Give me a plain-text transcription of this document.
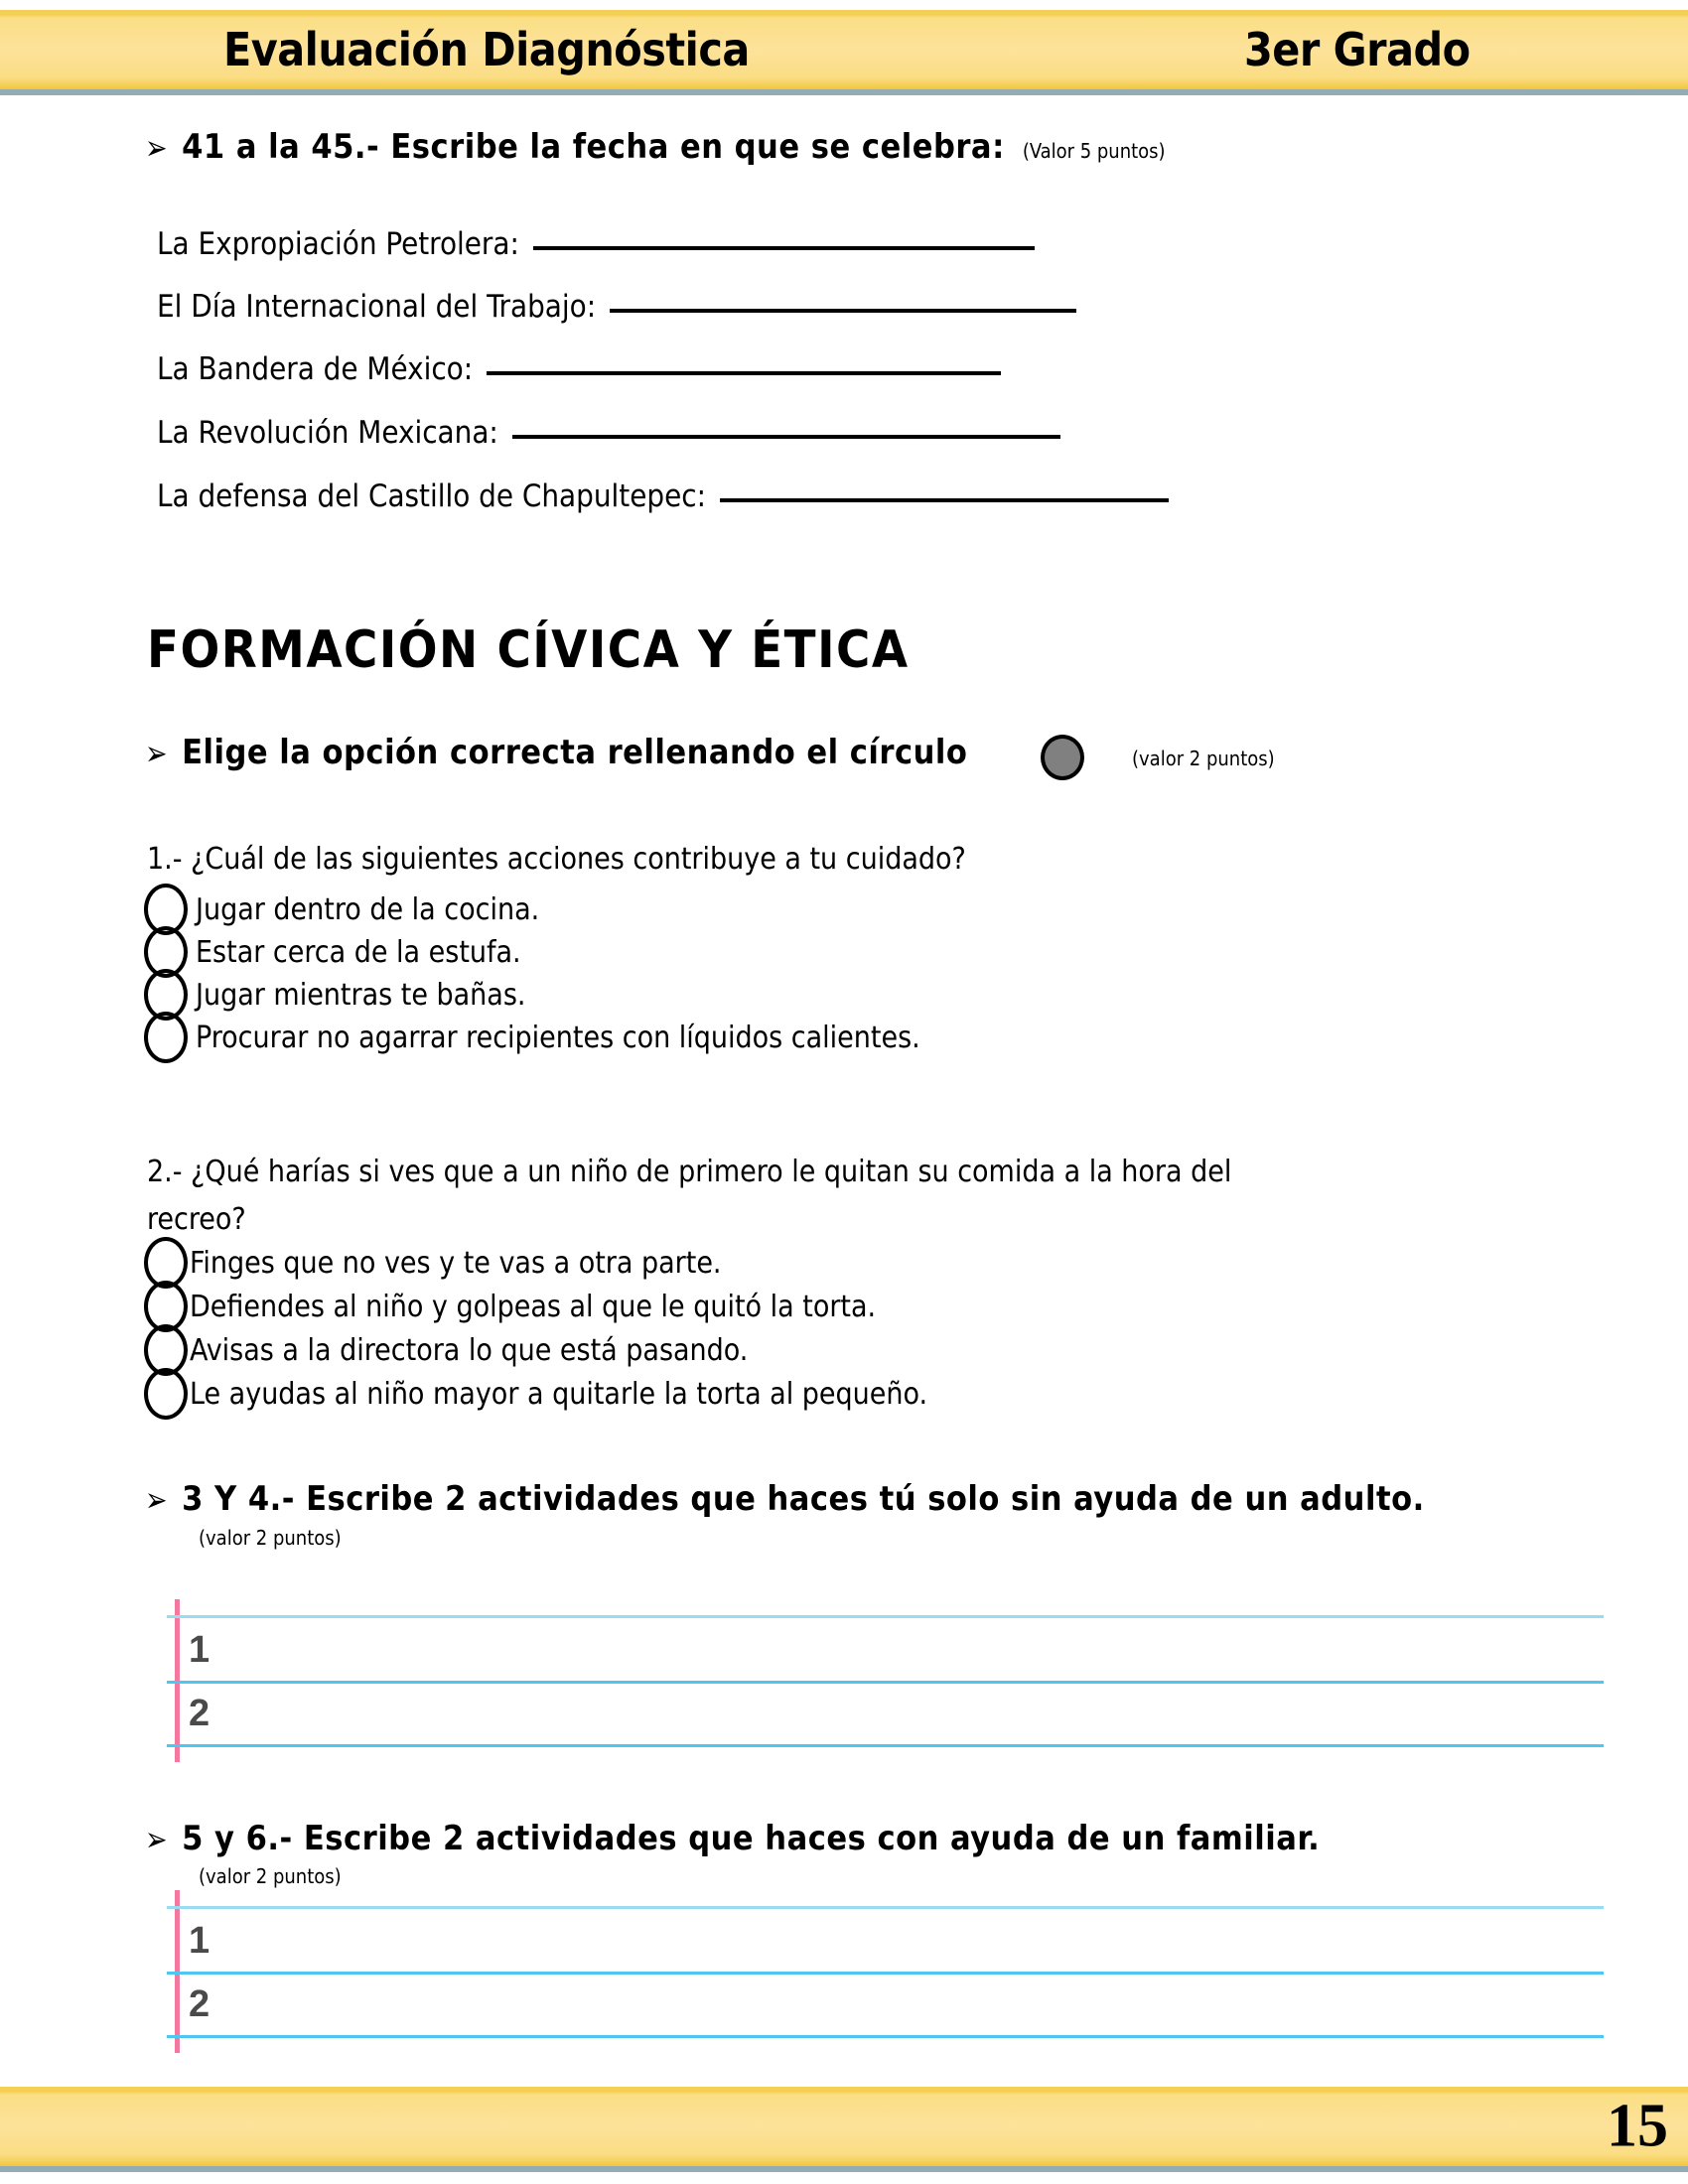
Evaluación Diagnóstica	3er Grado
➢ 41 a la 45.- Escribe la fecha en que se celebra: (Valor 5 puntos)
La Expropiación Petrolera:
El Día Internacional del Trabajo:
La Bandera de México:
La Revolución Mexicana:
La defensa del Castillo de Chapultepec:
FORMACIÓN CÍVICA Y ÉTICA
➢ Elige la opción correcta rellenando el círculo	(valor 2 puntos)
1.- ¿Cuál de las siguientes acciones contribuye a tu cuidado?
Jugar dentro de la cocina.
Estar cerca de la estufa.
Jugar mientras te bañas.
Procurar no agarrar recipientes con líquidos calientes.
2.- ¿Qué harías si ves que a un niño de primero le quitan su comida a la hora del
recreo?
Finges que no ves y te vas a otra parte.
Defiendes al niño y golpeas al que le quitó la torta.
Avisas a la directora lo que está pasando.
Le ayudas al niño mayor a quitarle la torta al pequeño.
➢ 3 Y 4.- Escribe 2 actividades que haces tú solo sin ayuda de un adulto.
(valor 2 puntos)
1
2
➢ 5 y 6.- Escribe 2 actividades que haces con ayuda de un familiar.
(valor 2 puntos)
1
2
15
